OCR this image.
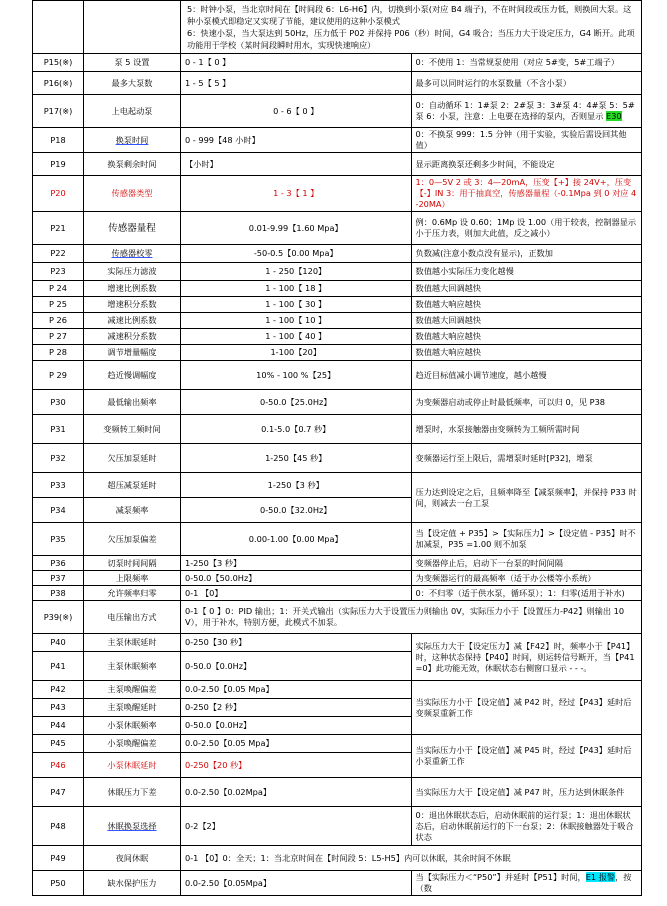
		5：时钟小泵，当北京时间在【时间段 6：L6-H6】内，切换到小泵(对应 B4 端子)，不在时间段或压力低，则换回大泵。这种小泵模式即稳定又实现了节能，建议使用的这种小泵模式
6：快速小泵，当大泵达到 50Hz，压力低于 P02 并保持 P06（秒）时间，G4 吸合；当压力大于设定压力，G4 断开。此项功能用于学校（某时间段瞬时用水，实现快速响应）	
P15(※)	泵 5 设置	0 - 1【 0 】	0：不使用 1：当常规泵使用（对应 5#变，5#工端子）
P16(※)	最多大泵数	1 - 5【 5 】	最多可以同时运行的水泵数量（不含小泵）
P17(※)	上电起动泵	0 - 6【 0 】	0：自动循环 1：1#泵 2：2#泵 3：3#泵 4：4#泵 5：5#泵 6：小泵，注意：上电要在选择的泵内，否则显示 E30
P18	换泵时间	0 - 999【48 小时】	0：不换泵 999：1.5 分钟（用于实验，实验后需设回其他值）
P19	换泵剩余时间	【小时】	显示距离换泵还剩多少时间，不能设定
P20	传感器类型	1 - 3【 1 】	1：0—5V 2 或 3：4—20mA，压变【+】接 24V+，压变【-】IN 3：用于抽真空，传感器量程（-0.1Mpa 到 0 对应 4-20MA）
P21	传感器量程	0.01-9.99【1.60 Mpa】	例：0.6Mp 设 0.60；1Mp 设 1.00（用于较表，控制器显示小于压力表，则加大此值，反之减小）
P22	传感器校零	-50-0.5【0.00 Mpa】	负数减(注意小数点没有显示)，正数加
P23	实际压力滤波	1 - 250【120】	数值越小实际压力变化越慢
P 24	增速比例系数	1 - 100【 18 】	数值越大回调越快
P 25	增速积分系数	1 - 100【 30 】	数值越大响应越快
P 26	减速比例系数	1 - 100【 10 】	数值越大回调越快
P 27	减速积分系数	1 - 100【 40 】	数值越大响应越快
P 28	调节增量幅度	1-100【20】	数值越大响应越快
P 29	趋近慢调幅度	10% - 100 %【25】	趋近目标值减小调节速度，越小越慢
P30	最低输出频率	0-50.0【25.0Hz】	为变频器启动或停止时最低频率，可以归 0，见 P38
P31	变频转工频时间	0.1-5.0【0.7 秒】	增泵时，水泵接触器由变频转为工频所需时间
P32	欠压加泵延时	1-250【45 秒】	变频器运行至上限后，需增泵时延时[P32]，增泵
P33	超压减泵延时	1-250【3 秒】	压力达到设定之后，且频率降至【减泵频率】，并保持 P33 时间，则减去一台工泵
P34	减泵频率	0-50.0【32.0Hz】	
P35	欠压加泵偏差	0.00-1.00【0.00 Mpa】	当【设定值 + P35】>【实际压力】>【设定值 - P35】时不加减泵，P35 =1.00 则不加泵
P36	切泵时间间隔	1-250【3 秒】	变频器停止后，启动下一台泵的时间间隔
P37	上限频率	0-50.0【50.0Hz】	为变频器运行的最高频率（适于办公楼等小系统）
P38	允许频率归零	0-1 【0】	0：不归零（适于供水泵，循环泵）；1：归零(适用于补水)
P39(※)	电压输出方式	0-1【 0 】0：PID 输出；1：开关式输出（实际压力大于设置压力则输出 0V，实际压力小于【设置压力-P42】则输出 10V），用于补水，特别方便，此模式不加泵。	
P40	主泵休眠延时	0-250【30 秒】	实际压力大于【设定压力】减【F42】时，频率小于【P41】时，这种状态保持【P40】时间，则运转信号断开，当【P41=0】此功能无效，休眠状态右侧窗口显示 - - -。
P41	主泵休眠频率	0-50.0【0.0Hz】	
P42	主泵唤醒偏差	0.0-2.50【0.05 Mpa】	当实际压力小于【设定值】减 P42 时，经过【P43】延时后变频泵重新工作
P43	主泵唤醒延时	0-250【2 秒】	
P44	小泵休眠频率	0-50.0【0.0Hz】	
P45	小泵唤醒偏差	0.0-2.50【0.05 Mpa】	当实际压力小于【设定值】减 P45 时，经过【P43】延时后小泵重新工作
P46	小泵休眠延时	0-250【20 秒】	
P47	休眠压力下差	0.0-2.50【0.02Mpa】	当实际压力大于【设定值】减 P47 时，压力达到休眠条件
P48	休眠换泵选择	0-2【2】	0：退出休眠状态后，启动休眠前的运行泵；1：退出休眠状态后，启动休眠前运行的下一台泵；2：休眠接触器处于吸合状态
P49	夜间休眠	0-1 【0】0：全天；1：当北京时间在【时间段 5：L5-H5】内可以休眠，其余时间不休眠	
P50	缺水保护压力	0.0-2.50【0.05Mpa】	当【实际压力＜“P50”】并延时【P51】时间，E1 报警，按（数
